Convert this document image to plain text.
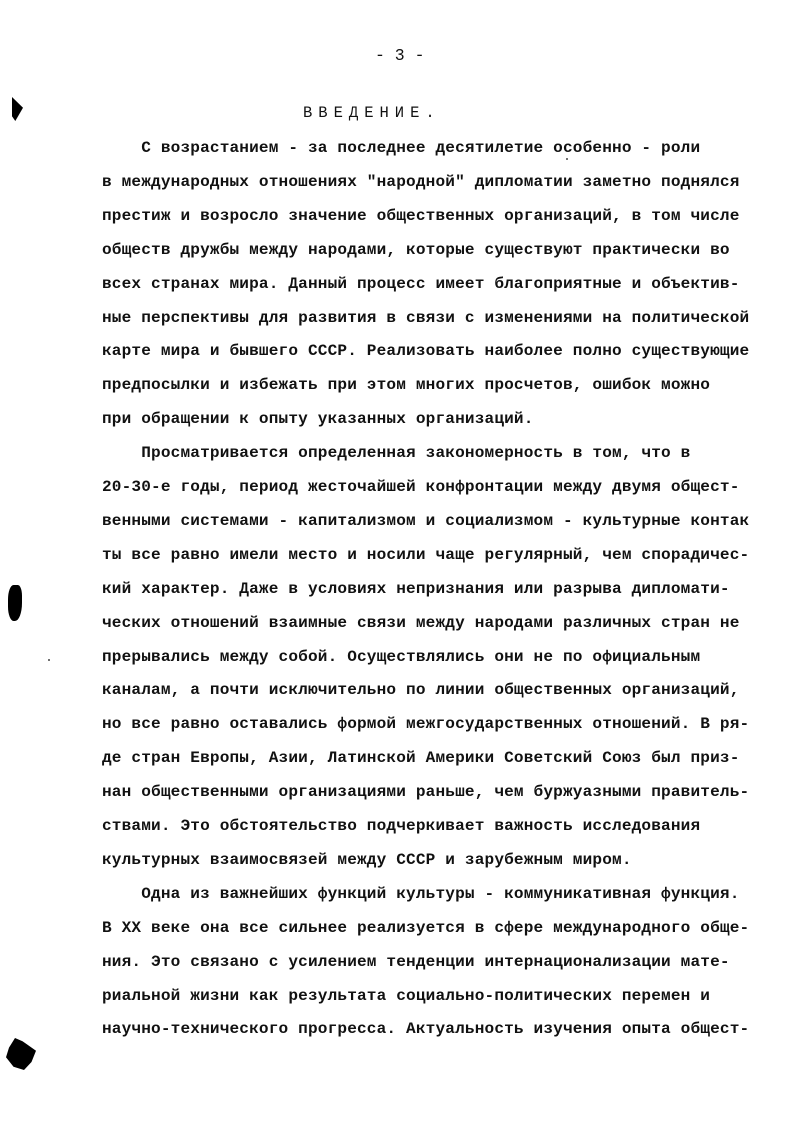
- 3 -
ВВЕДЕНИЕ.
С возрастанием - за последнее десятилетие особенно - роли
в международных отношениях "народной" дипломатии заметно поднялся
престиж и возросло значение общественных организаций, в том числе
обществ дружбы между народами, которые существуют практически во
всех странах мира. Данный процесс имеет благоприятные и объектив-
ные перспективы для развития в связи с изменениями на политической
карте мира и бывшего СССР. Реализовать наиболее полно существующие
предпосылки и избежать при этом многих просчетов, ошибок можно
при обращении к опыту указанных организаций.
Просматривается определенная закономерность в том, что в
20-30-е годы, период жесточайшей конфронтации между двумя общест-
венными системами - капитализмом и социализмом - культурные контак
ты все равно имели место и носили чаще регулярный, чем спорадичес-
кий характер. Даже в условиях непризнания или разрыва дипломати-
ческих отношений взаимные связи между народами различных стран не
прерывались между собой. Осуществлялись они не по официальным
каналам, а почти исключительно по линии общественных организаций,
но все равно оставались формой межгосударственных отношений. В ря-
де стран Европы, Азии, Латинской Америки Советский Союз был приз-
нан общественными организациями раньше, чем буржуазными правитель-
ствами. Это обстоятельство подчеркивает важность исследования
культурных взаимосвязей между СССР и зарубежным миром.
Одна из важнейших функций культуры - коммуникативная функция.
В XX веке она все сильнее реализуется в сфере международного обще-
ния. Это связано с усилением тенденции интернационализации мате-
риальной жизни как результата социально-политических перемен и
научно-технического прогресса. Актуальность изучения опыта общест-
